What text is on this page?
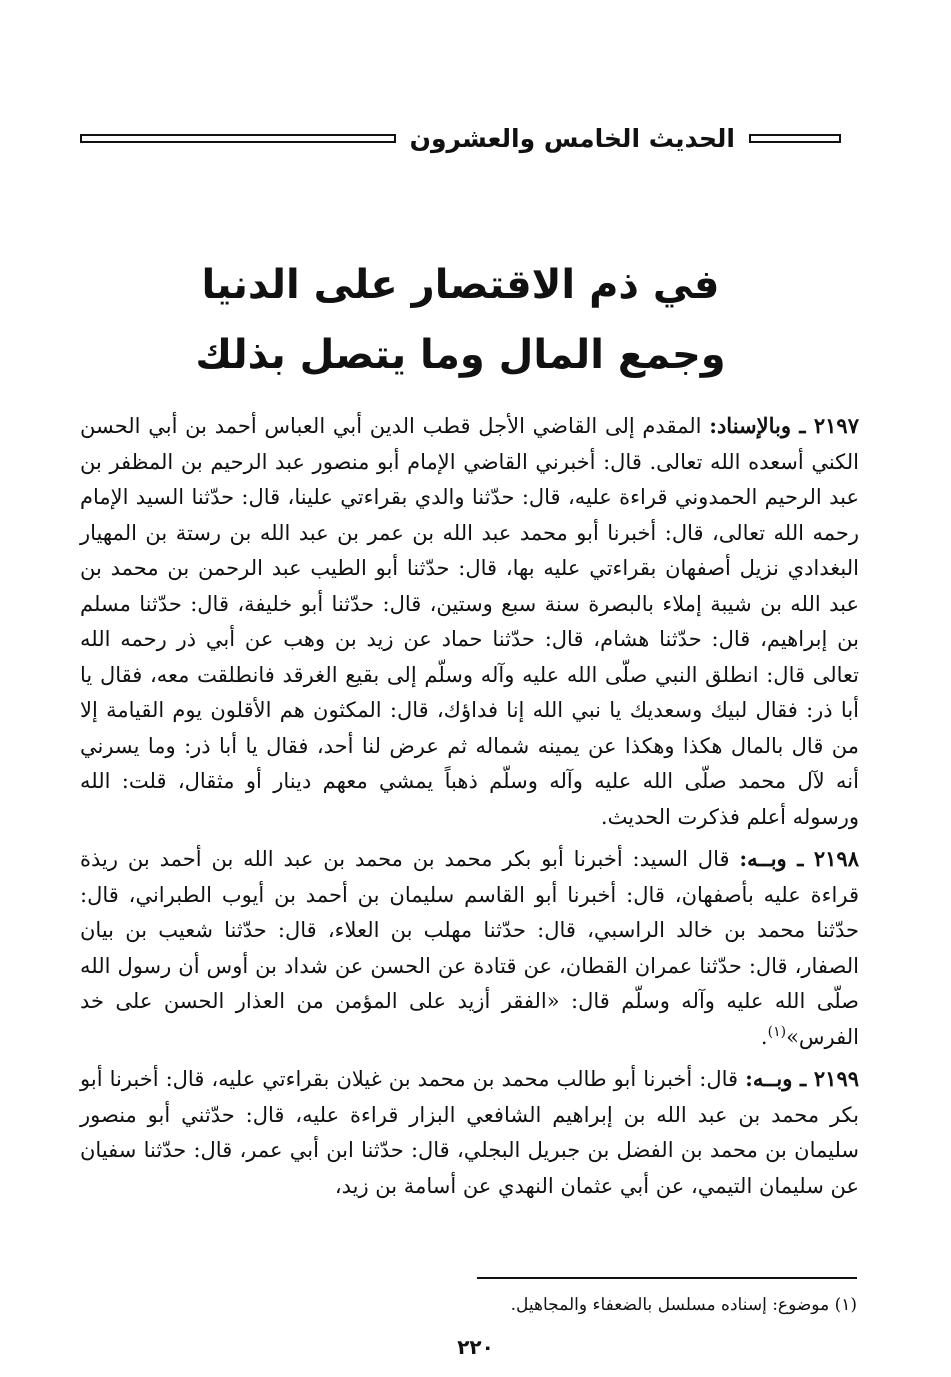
الحديث الخامس والعشرون
في ذم الاقتصار على الدنيا
وجمع المال وما يتصل بذلك

٢١٩٧ ـ وبالإسناد: المقدم إلى القاضي الأجل قطب الدين أبي العباس أحمد بن أبي الحسن الكني أسعده الله تعالى. قال: أخبرني القاضي الإمام أبو منصور عبد الرحيم بن المظفر بن عبد الرحيم الحمدوني قراءة عليه، قال: حدّثنا والدي بقراءتي علينا، قال: حدّثنا السيد الإمام رحمه الله تعالى، قال: أخبرنا أبو محمد عبد الله بن عمر بن عبد الله بن رستة بن المهيار البغدادي نزيل أصفهان بقراءتي عليه بها، قال: حدّثنا أبو الطيب عبد الرحمن بن محمد بن عبد الله بن شيبة إملاء بالبصرة سنة سبع وستين، قال: حدّثنا أبو خليفة، قال: حدّثنا مسلم بن إبراهيم، قال: حدّثنا هشام، قال: حدّثنا حماد عن زيد بن وهب عن أبي ذر رحمه الله تعالى قال: انطلق النبي صلّى الله عليه وآله وسلّم إلى بقيع الغرقد فانطلقت معه، فقال يا أبا ذر: فقال لبيك وسعديك يا نبي الله إنا فداؤك، قال: المكثون هم الأقلون يوم القيامة إلا من قال بالمال هكذا وهكذا عن يمينه شماله ثم عرض لنا أحد، فقال يا أبا ذر: وما يسرني أنه لآل محمد صلّى الله عليه وآله وسلّم ذهباً يمشي معهم دينار أو مثقال، قلت: الله ورسوله أعلم فذكرت الحديث.

٢١٩٨ ـ وبــه: قال السيد: أخبرنا أبو بكر محمد بن محمد بن عبد الله بن أحمد بن ريذة قراءة عليه بأصفهان، قال: أخبرنا أبو القاسم سليمان بن أحمد بن أيوب الطبراني، قال: حدّثنا محمد بن خالد الراسبي، قال: حدّثنا مهلب بن العلاء، قال: حدّثنا شعيب بن بيان الصفار، قال: حدّثنا عمران القطان، عن قتادة عن الحسن عن شداد بن أوس أن رسول الله صلّى الله عليه وآله وسلّم قال: «الفقر أزيد على المؤمن من العذار الحسن على خد الفرس»$^{(١)}$.

٢١٩٩ ـ وبــه: قال: أخبرنا أبو طالب محمد بن محمد بن غيلان بقراءتي عليه، قال: أخبرنا أبو بكر محمد بن عبد الله بن إبراهيم الشافعي البزار قراءة عليه، قال: حدّثني أبو منصور سليمان بن محمد بن الفضل بن جبريل البجلي، قال: حدّثنا ابن أبي عمر، قال: حدّثنا سفيان عن سليمان التيمي، عن أبي عثمان النهدي عن أسامة بن زيد،

(١) موضوع: إسناده مسلسل بالضعفاء والمجاهيل.
٢٢٠
